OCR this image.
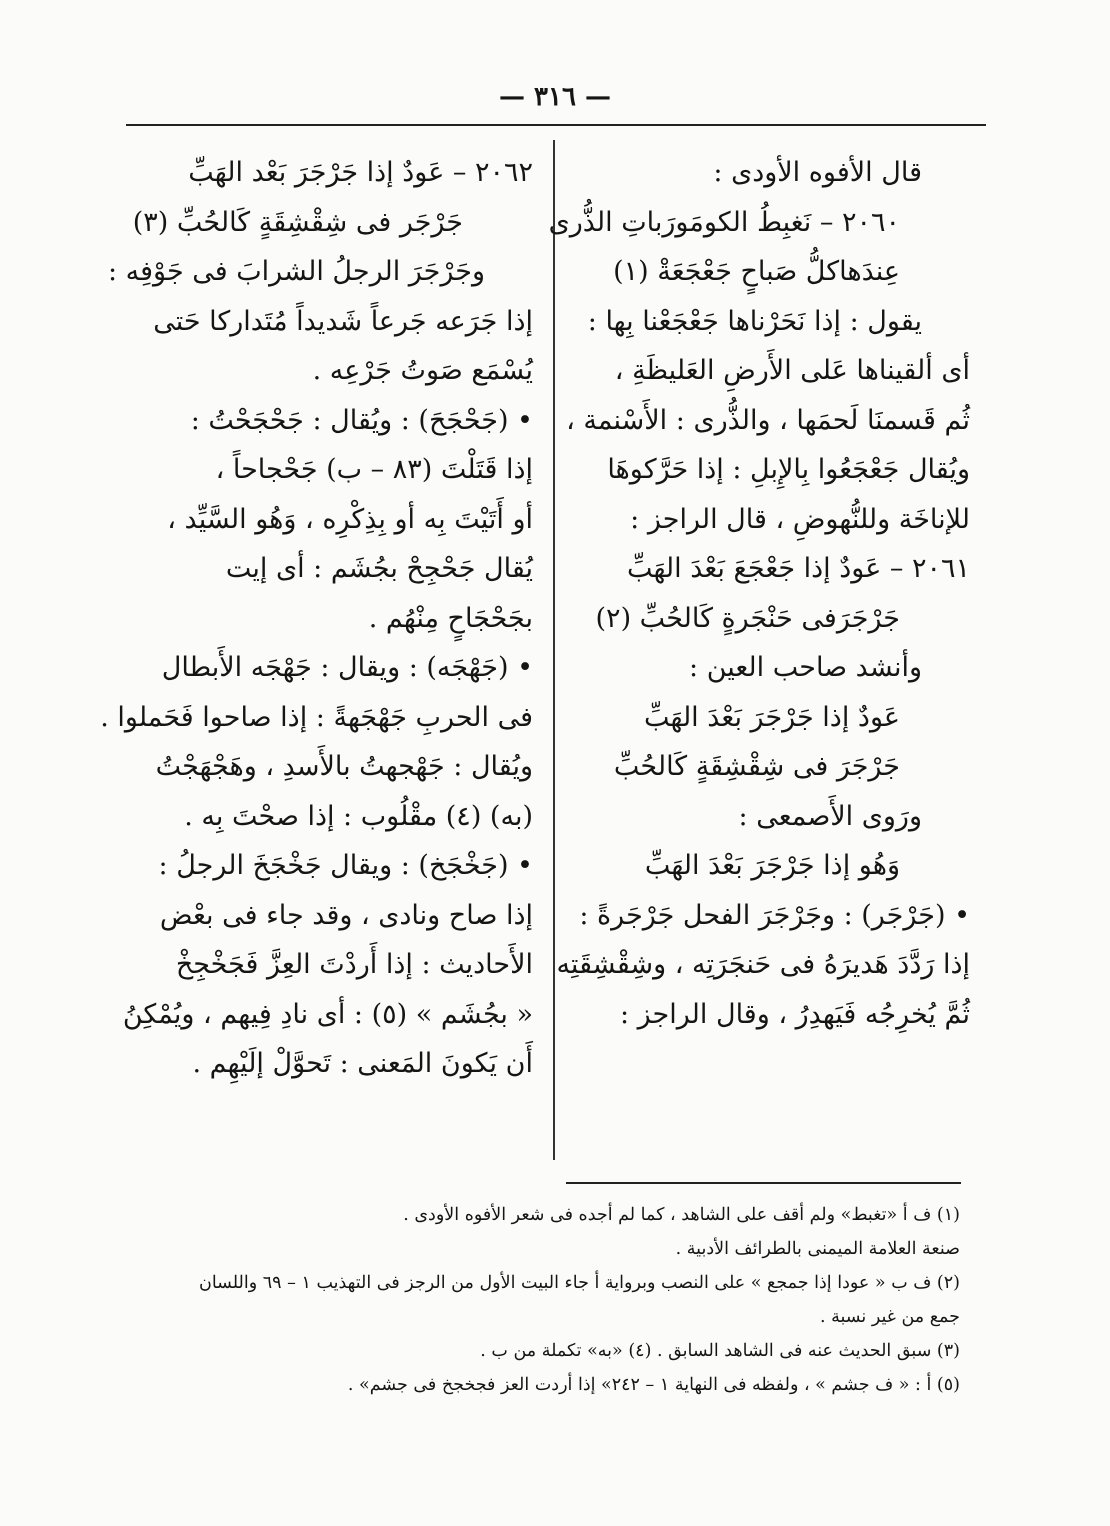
— ٣١٦ —
قال الأفوه الأودى :
٢٠٦٠ – نَغبِطُ الكومَورَباتِ الذُّرى
عِندَهاكلُّ صَباحٍ جَعْجَعَةْ (١)
يقول : إذا نَحَرْناها جَعْجَعْنا بِها :
أى ألقيناها عَلى الأَرضِ العَليظَةِ ،
ثُم قَسمنَا لَحمَها ، والذُّرى : الأَسْنمة ،
ويُقال جَعْجَعُوا بِالإِبلِ : إذا حَرَّكوهَا
للإناخَة وللنُّهوضِ ، قال الراجز :
٢٠٦١ – عَودٌ إذا جَعْجَعَ بَعْدَ الهَبِّ
جَرْجَرَفى حَنْجَرةٍ كَالحُبِّ (٢)
وأنشد صاحب العين :
عَودٌ إذا جَرْجَرَ بَعْدَ الهَبِّ
جَرْجَرَ فى شِقْشِقَةٍ كَالحُبِّ
ورَوى الأَصمعى :
وَهُو إذا جَرْجَرَ بَعْدَ الهَبِّ
• (جَرْجَر) : وجَرْجَرَ الفحل جَرْجَرةً :
إذا رَدَّدَ هَديرَهُ فى حَنجَرَتِه ، وشِقْشِقَتِه
ثُمَّ يُخرِجُه فَيَهدِرُ ، وقال الراجز :
٢٠٦٢ – عَودٌ إذا جَرْجَرَ بَعْد الهَبِّ
جَرْجَر فى شِقْشِقَةٍ كَالحُبِّ (٣)
وجَرْجَرَ الرجلُ الشرابَ فى جَوْفِه :
إذا جَرَعه جَرعاً شَديداً مُتَداركا حَتى
يُسْمَع صَوتُ جَرْعِه .
• (جَحْجَحَ) : ويُقال : جَحْجَحْتُ :
إذا قَتَلْتَ (٨٣ – ب) جَحْجاحاً ،
أو أَتَيْتَ بِه أو بِذِكْرِه ، وَهُو السَّيِّد ،
يُقال جَحْجِحْ بجُشَم : أى إيت
بجَحْجَاحٍ مِنْهُم .
• (جَهْجَه) : ويقال : جَهْجَه الأَبطال
فى الحربِ جَهْجَهةً : إذا صاحوا فَحَملوا .
ويُقال : جَهْجهتُ بالأَسدِ ، وهَجْهَجْتُ
(به) (٤) مقْلُوب : إذا صحْتَ بِه .
• (جَخْجَخ) : ويقال جَخْجَخَ الرجلُ :
إذا صاح ونادى ، وقد جاء فى بعْض
الأَحاديث : إذا أَردْتَ العِزَّ فَجَخْجِخْ
« بجُشَم » (٥) : أى نادِ فِيهم ، ويُمْكِنُ
أَن يَكونَ المَعنى : تَحوَّلْ إلَيْهِم .
(١) ف أ «تغبط» ولم أقف على الشاهد ، كما لم أجده فى شعر الأفوه الأودى .
صنعة العلامة الميمنى بالطرائف الأدبية .
(٢) ف ب « عودا إذا جمجع » على النصب وبرواية أ جاء البيت الأول من الرجز فى التهذيب ١ – ٦٩ واللسان
جمع من غير نسبة .
(٣) سبق الحديث عنه فى الشاهد السابق . (٤) «به» تكملة من ب .
(٥) أ : « ف جشم » ، ولفظه فى النهاية ١ – ٢٤٢» إذا أردت العز فجخجخ فى جشم» .
